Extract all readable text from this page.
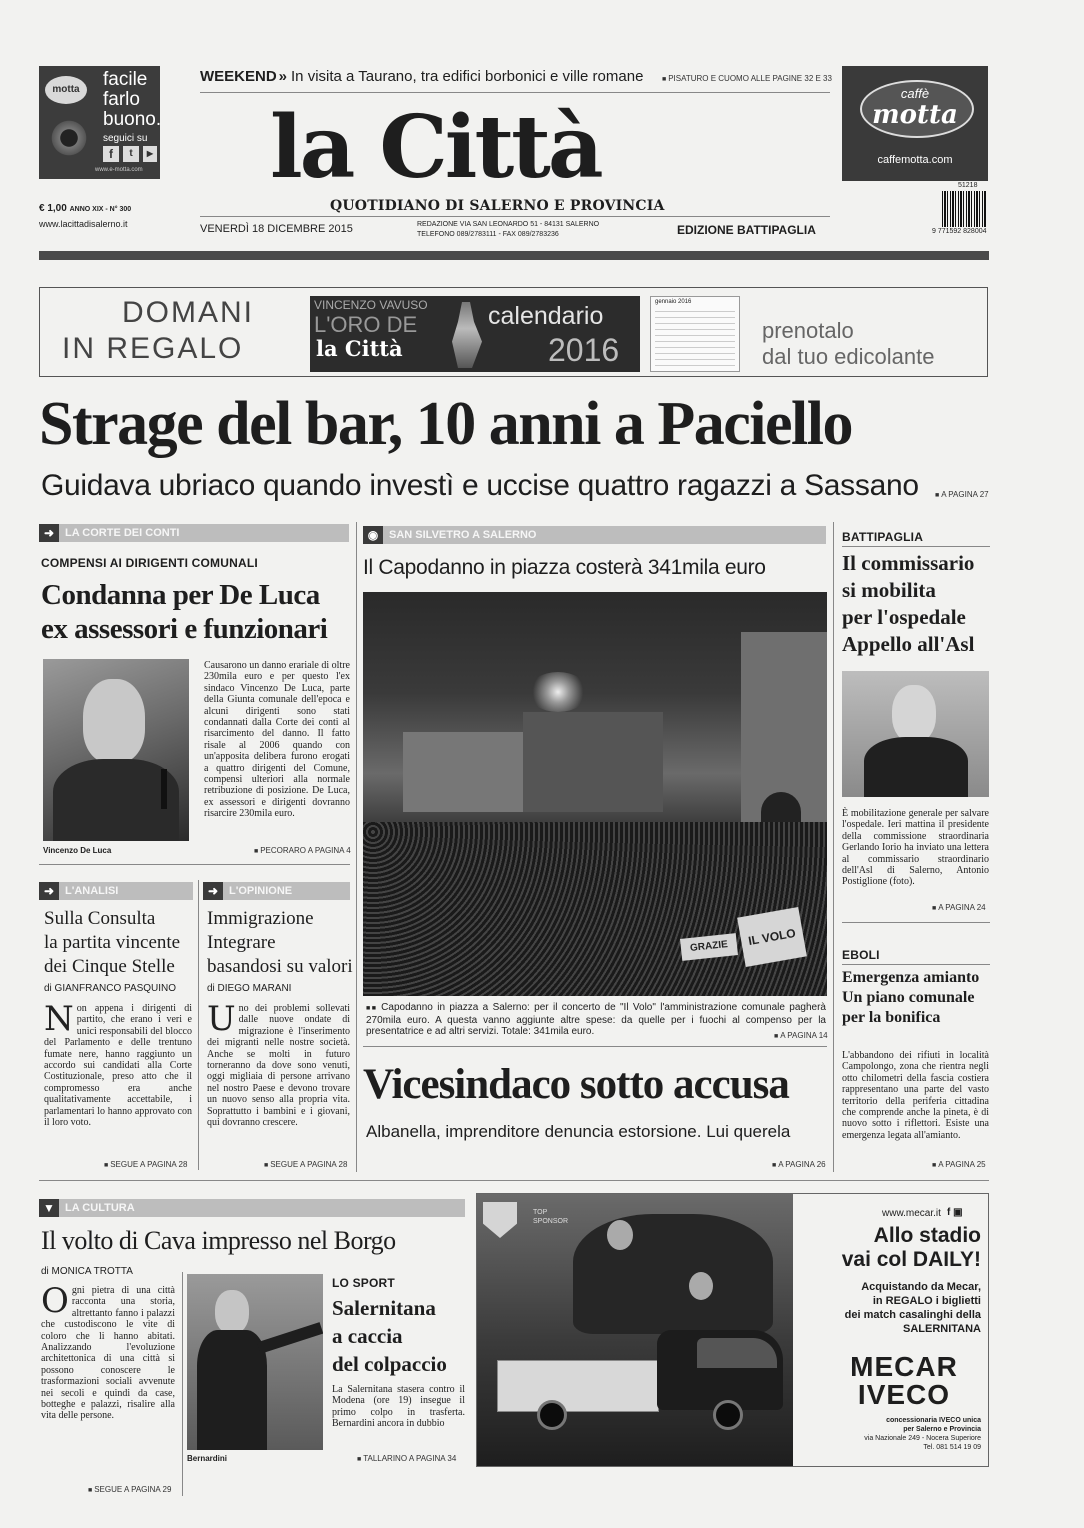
motta	facile
farlo
buono.
seguici su
f	t	▶
www.e-mottа.com
€ 1,00 ANNO XIX - N° 300
www.lacittadisalerno.it
WEEKEND » In visita a Taurano, tra edifici borbonici e ville romane	■ PISATURO E CUOMO ALLE PAGINE 32 E 33
la Città
QUOTIDIANO DI SALERNO E PROVINCIA
VENERDÌ 18 DICEMBRE 2015	REDAZIONE VIA SAN LEONARDO 51 - 84131 SALERNO
TELEFONO 089/2783111 - FAX 089/2783236	EDIZIONE BATTIPAGLIA
caffè
motta
caffemotta.com
51218
9 771592 828004
DOMANI
IN REGALO
VINCENZO VAVUSO
L'ORO DE
la Città
calendario
2016
gennaio 2016
prenotalo
dal tuo edicolante
Strage del bar, 10 anni a Paciello
Guidava ubriaco quando investì e uccise quattro ragazzi a Sassano	■ A PAGINA 27
➜ LA CORTE DEI CONTI
COMPENSI AI DIRIGENTI COMUNALI
Condanna per De Luca
ex assessori e funzionari
Vincenzo De Luca
Causarono un danno erariale di oltre 230mila euro e per questo l'ex sindaco Vincenzo De Luca, parte della Giunta comunale dell'epoca e alcuni dirigenti sono stati condannati dalla Corte dei conti al risarcimento del danno. Il fatto risale al 2006 quando con un'apposita delibera furono erogati a quattro dirigenti del Comune, compensi ulteriori alla normale retribuzione di posizione. De Luca, ex assessori e dirigenti dovranno risarcire 230mila euro.
■ PECORARO A PAGINA 4
➜ L'ANALISI
Sulla Consulta
la partita vincente
dei Cinque Stelle
di GIANFRANCO PASQUINO
Non appena i dirigenti di partito, che erano i veri e unici responsabili del blocco del Parlamento e delle trentuno fumate nere, hanno raggiunto un accordo sui candidati alla Corte Costituzionale, preso atto che il compromesso era anche qualitativamente accettabile, i parlamentari lo hanno approvato con il loro voto.
■ SEGUE A PAGINA 28
➜ L'OPINIONE
Immigrazione
Integrare
basandosi su valori
di DIEGO MARANI
Uno dei problemi sollevati dalle nuove ondate di migrazione è l'inserimento dei migranti nelle nostre società. Anche se molti in futuro torneranno da dove sono venuti, oggi migliaia di persone arrivano nel nostro Paese e devono trovare un nuovo senso alla propria vita. Soprattutto i bambini e i giovani, qui dovranno crescere.
■ SEGUE A PAGINA 28
◉ SAN SILVETRO A SALERNO
Il Capodanno in piazza costerà 341mila euro
IL VOLO
GRAZIE
■■ Capodanno in piazza a Salerno: per il concerto de "Il Volo" l'amministrazione comunale pagherà 270mila euro. A questa vanno aggiunte altre spese: da quelle per i fuochi al compenso per la presentatrice e ad altri servizi. Totale: 341mila euro.	■ A PAGINA 14
Vicesindaco sotto accusa
Albanella, imprenditore denuncia estorsione. Lui querela
■ A PAGINA 26
BATTIPAGLIA
Il commissario
si mobilita
per l'ospedale
Appello all'Asl
È mobilitazione generale per salvare l'ospedale. Ieri mattina il presidente della commissione straordinaria Gerlando Iorio ha inviato una lettera al commissario straordinario dell'Asl di Salerno, Antonio Postiglione (foto).
■ A PAGINA 24
EBOLI
Emergenza amianto
Un piano comunale
per la bonifica
L'abbandono dei rifiuti in località Campolongo, zona che rientra negli otto chilometri della fascia costiera rappresentano una parte del vasto territorio della periferia cittadina che comprende anche la pineta, è di nuovo sotto i riflettori. Esiste una emergenza legata all'amianto.
■ A PAGINA 25
▼ LA CULTURA
Il volto di Cava impresso nel Borgo
di MONICA TROTTA
Ogni pietra di una città racconta una storia, altrettanto fanno i palazzi che custodiscono le vite di coloro che li hanno abitati. Analizzando l'evoluzione architettonica di una città si possono conoscere le trasformazioni sociali avvenute nei secoli e quindi da case, botteghe e palazzi, risalire alla vita delle persone.
■ SEGUE A PAGINA 29
Bernardini
LO SPORT
Salernitana
a caccia
del colpaccio
La Salernitana stasera contro il Modena (ore 19) insegue il primo colpo in trasferta. Bernardini ancora in dubbio
■ TALLARINO A PAGINA 34
TOP SPONSOR
www.mecar.it f ▣
Allo stadio
vai col DAILY!
Acquistando da Mecar,
in REGALO i biglietti
dei match casalinghi della
SALERNITANA
MECAR
IVECO
concessionaria IVECO unica
per Salerno e Provincia
via Nazionale 249 - Nocera Superiore
Tel. 081 514 19 09
